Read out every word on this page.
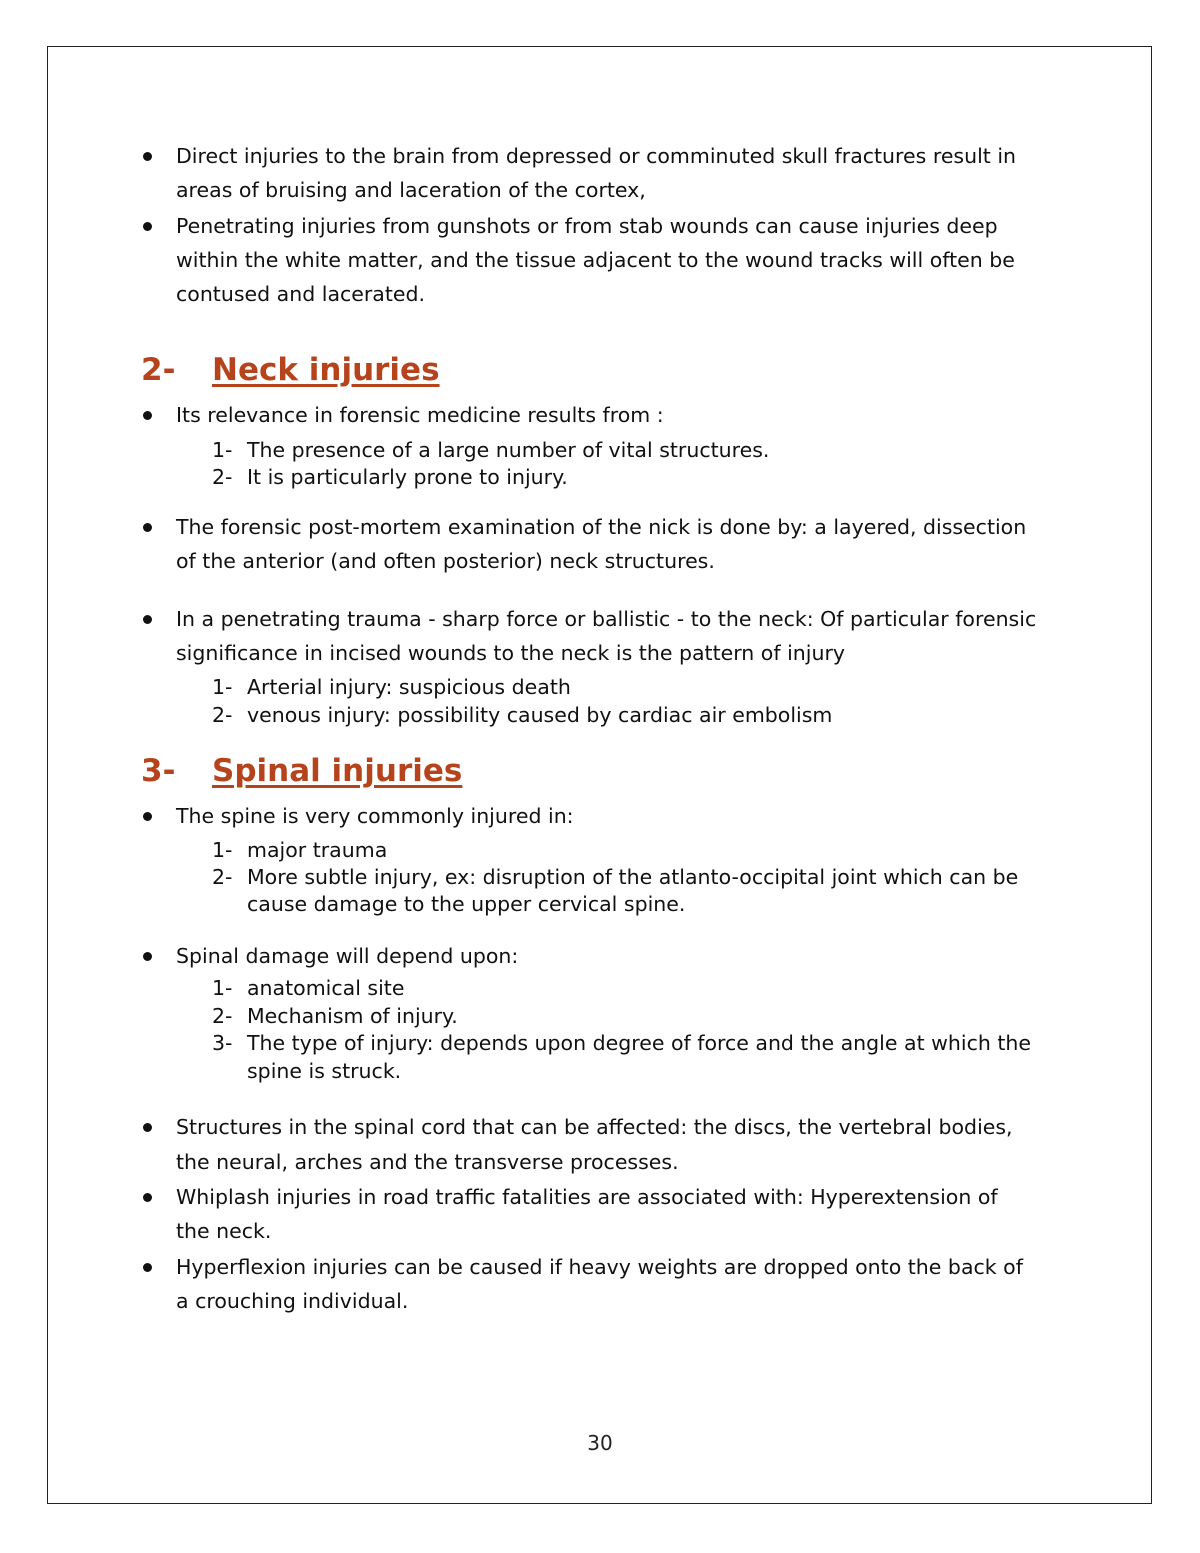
Direct injuries to the brain from depressed or comminuted skull fractures result in
areas of bruising and laceration of the cortex,
Penetrating injuries from gunshots or from stab wounds can cause injuries deep
within the white matter, and the tissue adjacent to the wound tracks will often be
contused and lacerated.
2- Neck injuries
Its relevance in forensic medicine results from :
1- The presence of a large number of vital structures.
2- It is particularly prone to injury.
The forensic post-mortem examination of the nick is done by: a layered, dissection
of the anterior (and often posterior) neck structures.
In a penetrating trauma - sharp force or ballistic - to the neck: Of particular forensic
significance in incised wounds to the neck is the pattern of injury
1- Arterial injury: suspicious death
2- venous injury: possibility caused by cardiac air embolism
3- Spinal injuries
The spine is very commonly injured in:
1- major trauma
2- More subtle injury, ex: disruption of the atlanto-occipital joint which can be
cause damage to the upper cervical spine.
Spinal damage will depend upon:
1- anatomical site
2- Mechanism of injury.
3- The type of injury: depends upon degree of force and the angle at which the
spine is struck.
Structures in the spinal cord that can be affected: the discs, the vertebral bodies,
the neural, arches and the transverse processes.
Whiplash injuries in road traffic fatalities are associated with: Hyperextension of
the neck.
Hyperflexion injuries can be caused if heavy weights are dropped onto the back of
a crouching individual.
30
